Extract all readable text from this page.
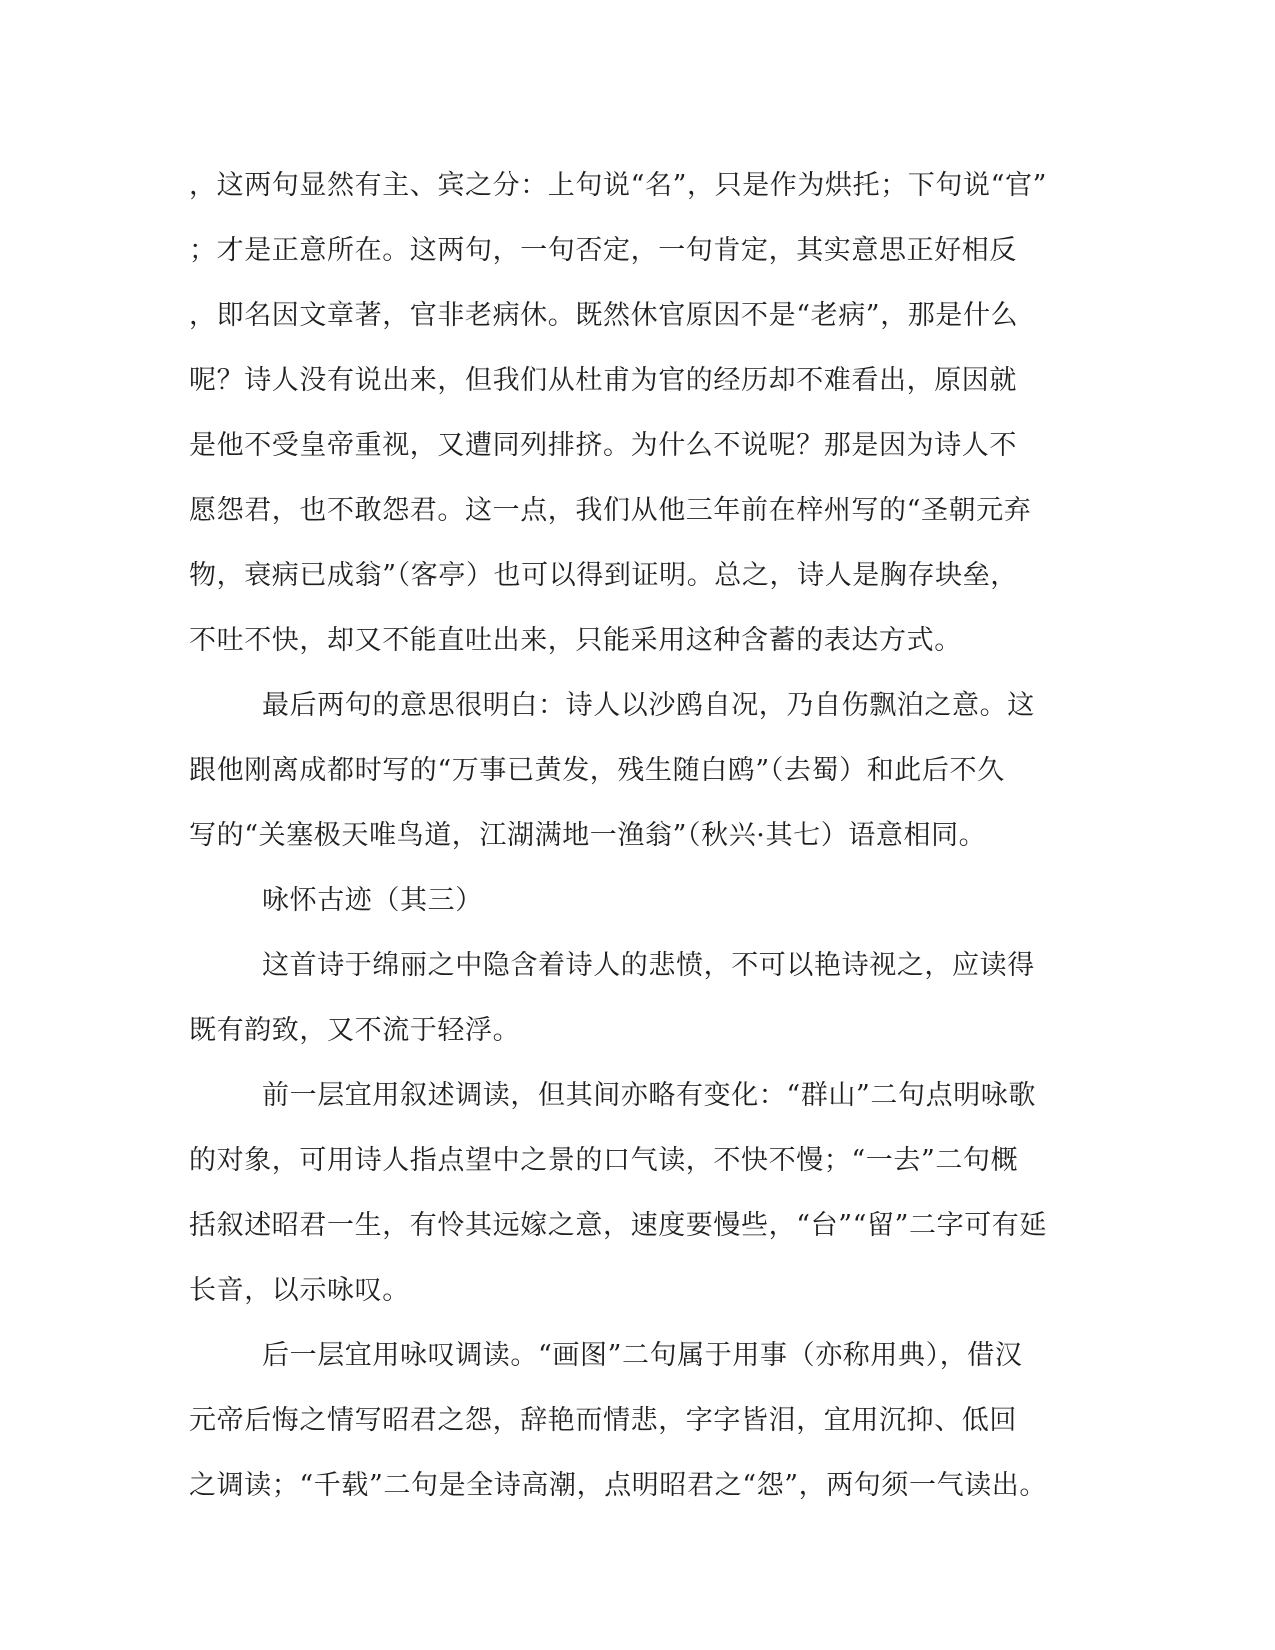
，这两句显然有主、宾之分：上句说“名”，只是作为烘托；下句说“官”
；才是正意所在。这两句，一句否定，一句肯定，其实意思正好相反
，即名因文章著，官非老病休。既然休官原因不是“老病”，那是什么
呢？诗人没有说出来，但我们从杜甫为官的经历却不难看出，原因就
是他不受皇帝重视，又遭同列排挤。为什么不说呢？那是因为诗人不
愿怨君，也不敢怨君。这一点，我们从他三年前在梓州写的“圣朝元弃
物，衰病已成翁”（客亭）也可以得到证明。总之，诗人是胸存块垒，
不吐不快，却又不能直吐出来，只能采用这种含蓄的表达方式。
最后两句的意思很明白：诗人以沙鸥自况，乃自伤飘泊之意。这
跟他刚离成都时写的“万事已黄发，残生随白鸥”（去蜀）和此后不久
写的“关塞极天唯鸟道，江湖满地一渔翁”（秋兴·其七）语意相同。
咏怀古迹（其三）
这首诗于绵丽之中隐含着诗人的悲愤，不可以艳诗视之，应读得
既有韵致，又不流于轻浮。
前一层宜用叙述调读，但其间亦略有变化：“群山”二句点明咏歌
的对象，可用诗人指点望中之景的口气读，不快不慢；“一去”二句概
括叙述昭君一生，有怜其远嫁之意，速度要慢些，“台”“留”二字可有延
长音，以示咏叹。
后一层宜用咏叹调读。“画图”二句属于用事（亦称用典），借汉
元帝后悔之情写昭君之怨，辞艳而情悲，字字皆泪，宜用沉抑、低回
之调读；“千载”二句是全诗高潮，点明昭君之“怨”，两句须一气读出。
